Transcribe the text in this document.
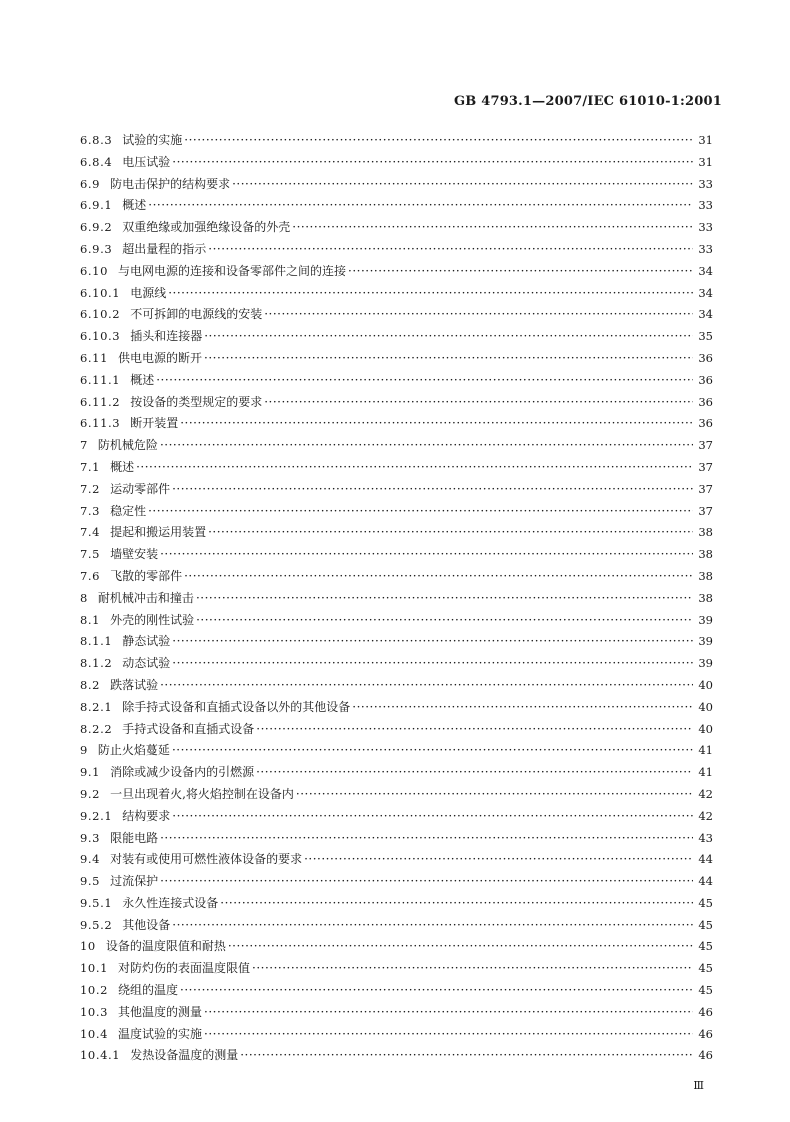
GB 4793.1—2007/IEC 61010-1:2001
6.8.3 试验的实施 ·····	31
6.8.4 电压试验 ·····	31
6.9 防电击保护的结构要求 ·····	33
6.9.1 概述 ·····	33
6.9.2 双重绝缘或加强绝缘设备的外壳 ·····	33
6.9.3 超出量程的指示 ·····	33
6.10 与电网电源的连接和设备零部件之间的连接 ·····	34
6.10.1 电源线 ·····	34
6.10.2 不可拆卸的电源线的安装 ·····	34
6.10.3 插头和连接器 ·····	35
6.11 供电电源的断开 ·····	36
6.11.1 概述 ·····	36
6.11.2 按设备的类型规定的要求 ·····	36
6.11.3 断开装置 ·····	36
7 防机械危险 ·····	37
7.1 概述 ·····	37
7.2 运动零部件 ·····	37
7.3 稳定性 ·····	37
7.4 提起和搬运用装置 ·····	38
7.5 墙壁安装 ·····	38
7.6 飞散的零部件 ·····	38
8 耐机械冲击和撞击 ·····	38
8.1 外壳的刚性试验 ·····	39
8.1.1 静态试验 ·····	39
8.1.2 动态试验 ·····	39
8.2 跌落试验 ·····	40
8.2.1 除手持式设备和直插式设备以外的其他设备 ·····	40
8.2.2 手持式设备和直插式设备 ·····	40
9 防止火焰蔓延 ·····	41
9.1 消除或减少设备内的引燃源 ·····	41
9.2 一旦出现着火,将火焰控制在设备内 ·····	42
9.2.1 结构要求 ·····	42
9.3 限能电路 ·····	43
9.4 对装有或使用可燃性液体设备的要求 ·····	44
9.5 过流保护 ·····	44
9.5.1 永久性连接式设备 ·····	45
9.5.2 其他设备 ·····	45
10 设备的温度限值和耐热 ·····	45
10.1 对防灼伤的表面温度限值 ·····	45
10.2 绕组的温度 ·····	45
10.3 其他温度的测量 ·····	46
10.4 温度试验的实施 ·····	46
10.4.1 发热设备温度的测量 ·····	46
Ⅲ
